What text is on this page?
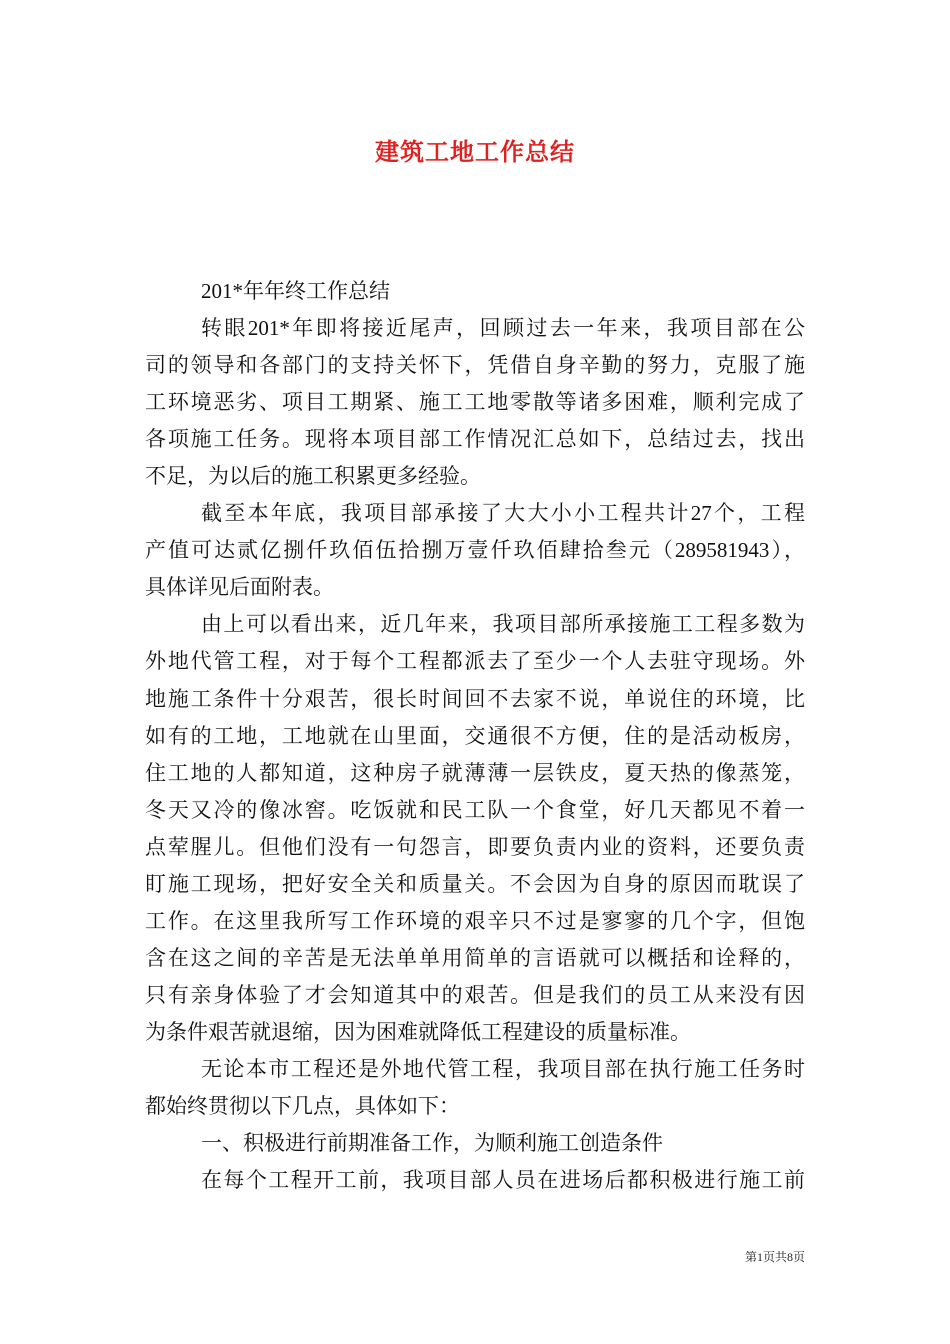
建筑工地工作总结
201*年年终工作总结
转眼201*年即将接近尾声，回顾过去一年来，我项目部在公
司的领导和各部门的支持关怀下，凭借自身辛勤的努力，克服了施
工环境恶劣、项目工期紧、施工工地零散等诸多困难，顺利完成了
各项施工任务。现将本项目部工作情况汇总如下，总结过去，找出
不足，为以后的施工积累更多经验。
截至本年底，我项目部承接了大大小小工程共计27个，工程
产值可达贰亿捌仟玖佰伍拾捌万壹仟玖佰肆拾叁元（289581943），
具体详见后面附表。
由上可以看出来，近几年来，我项目部所承接施工工程多数为
外地代管工程，对于每个工程都派去了至少一个人去驻守现场。外
地施工条件十分艰苦，很长时间回不去家不说，单说住的环境，比
如有的工地，工地就在山里面，交通很不方便，住的是活动板房，
住工地的人都知道，这种房子就薄薄一层铁皮，夏天热的像蒸笼，
冬天又冷的像冰窖。吃饭就和民工队一个食堂，好几天都见不着一
点荤腥儿。但他们没有一句怨言，即要负责内业的资料，还要负责
盯施工现场，把好安全关和质量关。不会因为自身的原因而耽误了
工作。在这里我所写工作环境的艰辛只不过是寥寥的几个字，但饱
含在这之间的辛苦是无法单单用简单的言语就可以概括和诠释的，
只有亲身体验了才会知道其中的艰苦。但是我们的员工从来没有因
为条件艰苦就退缩，因为困难就降低工程建设的质量标准。
无论本市工程还是外地代管工程，我项目部在执行施工任务时
都始终贯彻以下几点，具体如下：
一、积极进行前期准备工作，为顺利施工创造条件
在每个工程开工前，我项目部人员在进场后都积极进行施工前
第1页共8页
